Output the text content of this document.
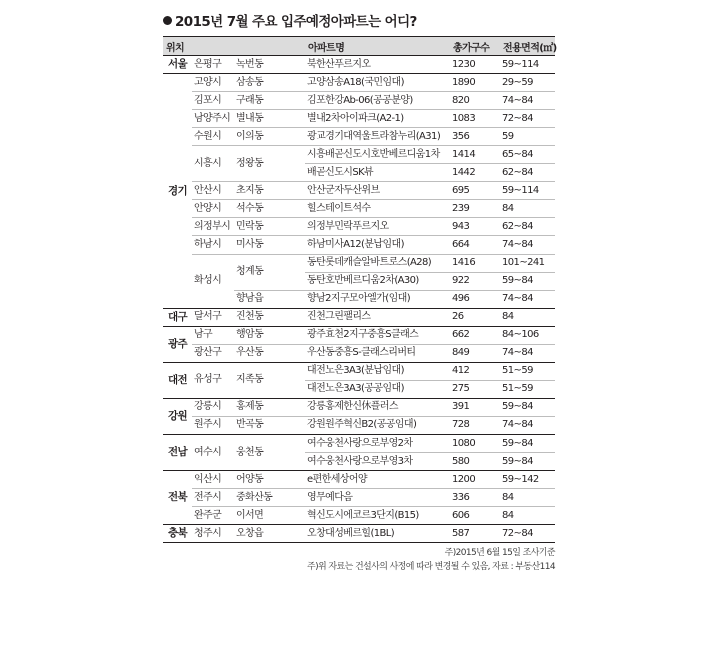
2015년 7월 주요 입주예정아파트는 어디?
위치			아파트명	총가구수	전용면적(㎡)
서울	은평구	녹번동	북한산푸르지오	1230	59~114
경기	고양시	삼송동	고양삼송A18(국민임대)	1890	29~59
	김포시	구래동	김포한강Ab-06(공공분양)	820	74~84
	남양주시	별내동	별내2차아이파크(A2-1)	1083	72~84
	수원시	이의동	광교경기대역울트라참누리(A31)	356	59
	시흥시	정왕동	시흥배곧신도시호반베르디움1차	1414	65~84
			배곧신도시SK뷰	1442	62~84
	안산시	초지동	안산군자두산위브	695	59~114
	안양시	석수동	힐스테이트석수	239	84
	의정부시	민락동	의정부민락푸르지오	943	62~84
	하남시	미사동	하남미사A12(분납임대)	664	74~84
	화성시	청계동	동탄롯데캐슬알바트로스(A28)	1416	101~241
			동탄호반베르디움2차(A30)	922	59~84
		향남읍	향남2지구모아엘가(임대)	496	74~84
대구	달서구	진천동	진천그린팰리스	26	84
광주	남구	행암동	광주효천2지구중흥S클래스	662	84~106
	광산구	우산동	우산동중흥S-클래스리버티	849	74~84
대전	유성구	지족동	대전노은3A3(분납임대)	412	51~59
			대전노은3A3(공공임대)	275	51~59
강원	강릉시	홍제동	강릉홍제한신休플러스	391	59~84
	원주시	반곡동	강원원주혁신B2(공공임대)	728	74~84
전남	여수시	웅천동	여수웅천사랑으로부영2차	1080	59~84
			여수웅천사랑으로부영3차	580	59~84
전북	익산시	어양동	e편한세상어양	1200	59~142
	전주시	중화산동	영무예다음	336	84
	완주군	이서면	혁신도시에코르3단지(B15)	606	84
충북	청주시	오창읍	오창대성베르힐(1BL)	587	72~84
주)2015년 6월 15일 조사기준
주)위 자료는 건설사의 사정에 따라 변경될 수 있음, 자료 : 부동산114
